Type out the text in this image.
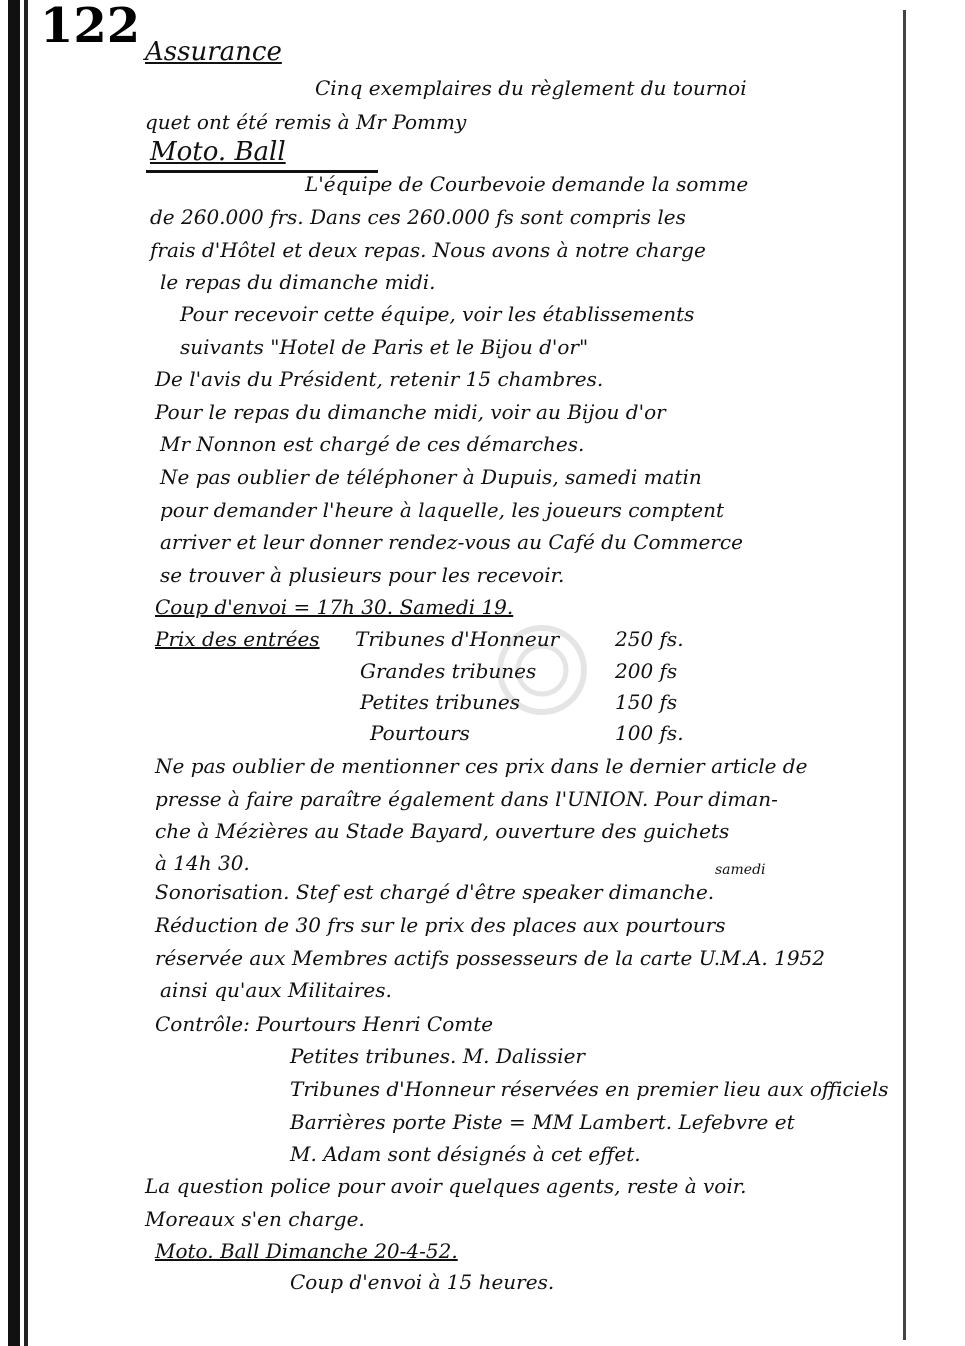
122 Assurance
Cinq exemplaires du règlement du tournoi
quet ont été remis à Mr Pommy
Moto. Ball
L'équipe de Courbevoie demande la somme
de 260.000 frs. Dans ces 260.000 fs sont compris les
frais d'Hôtel et deux repas. Nous avons à notre charge
le repas du dimanche midi.
Pour recevoir cette équipe, voir les établissements
suivants "Hotel de Paris et le Bijou d'or"
De l'avis du Président, retenir 15 chambres.
Pour le repas du dimanche midi, voir au Bijou d'or
Mr Nonnon est chargé de ces démarches.
Ne pas oublier de téléphoner à Dupuis, samedi matin
pour demander l'heure à laquelle, les joueurs comptent
arriver et leur donner rendez-vous au Café du Commerce
se trouver à plusieurs pour les recevoir.
Coup d'envoi = 17h 30. Samedi 19.
Prix des entrées Tribunes d'Honneur	250 fs.
Grandes tribunes	200 fs
Petites tribunes	150 fs
Pourtours	100 fs.
Ne pas oublier de mentionner ces prix dans le dernier article de
presse à faire paraître également dans l'UNION. Pour diman-
che à Mézières au Stade Bayard, ouverture des guichets
à 14h 30.	samedi
Sonorisation. Stef est chargé d'être speaker dimanche.
Réduction de 30 frs sur le prix des places aux pourtours
réservée aux Membres actifs possesseurs de la carte U.M.A. 1952
ainsi qu'aux Militaires.
Contrôle: Pourtours Henri Comte
Petites tribunes. M. Dalissier
Tribunes d'Honneur réservées en premier lieu aux officiels
Barrières porte Piste = MM Lambert. Lefebvre et
M. Adam sont désignés à cet effet.
La question police pour avoir quelques agents, reste à voir.
Moreaux s'en charge.
Moto. Ball Dimanche 20-4-52.
Coup d'envoi à 15 heures.
